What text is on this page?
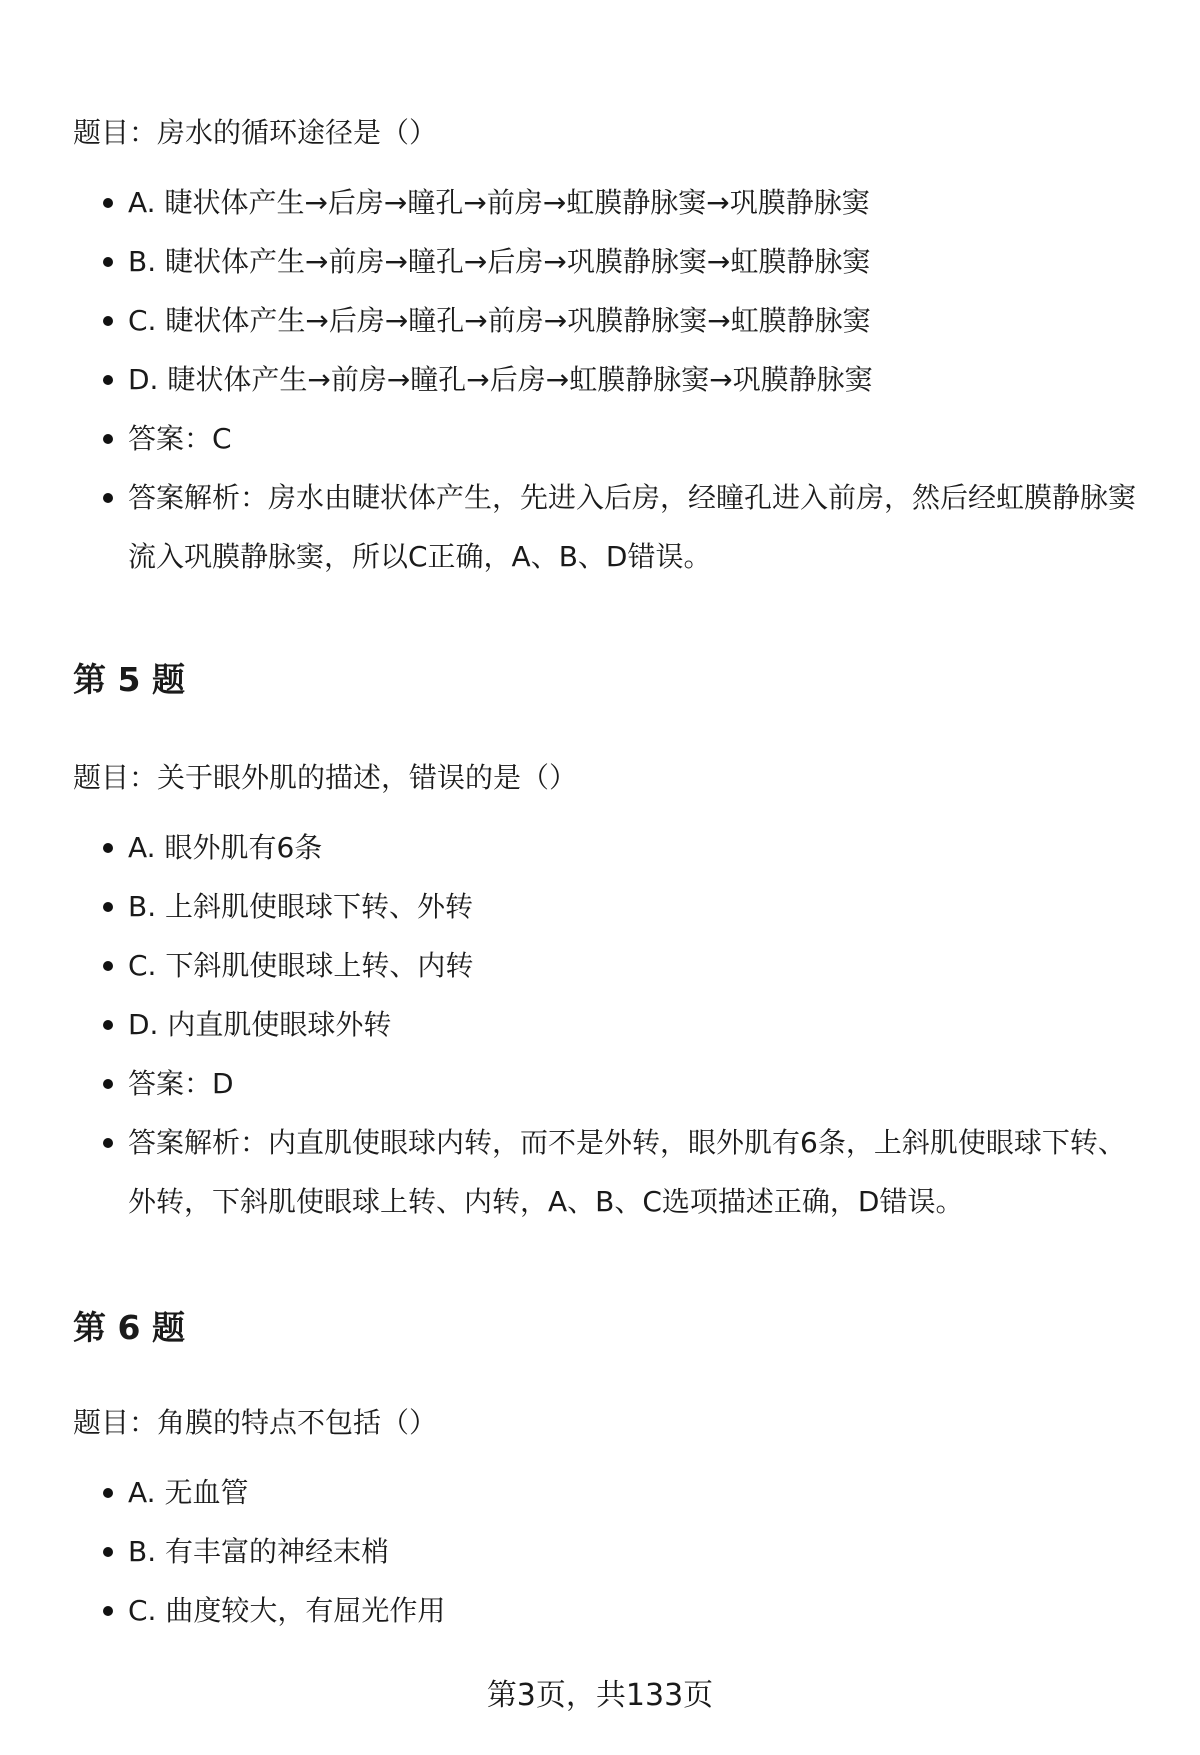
题目：房水的循环途径是（）

A. 睫状体产生→后房→瞳孔→前房→虹膜静脉窦→巩膜静脉窦
B. 睫状体产生→前房→瞳孔→后房→巩膜静脉窦→虹膜静脉窦
C. 睫状体产生→后房→瞳孔→前房→巩膜静脉窦→虹膜静脉窦
D. 睫状体产生→前房→瞳孔→后房→虹膜静脉窦→巩膜静脉窦
答案：C
答案解析：房水由睫状体产生，先进入后房，经瞳孔进入前房，然后经虹膜静脉窦流入巩膜静脉窦，所以C正确，A、B、D错误。
第 5 题

题目：关于眼外肌的描述，错误的是（）

A. 眼外肌有6条
B. 上斜肌使眼球下转、外转
C. 下斜肌使眼球上转、内转
D. 内直肌使眼球外转
答案：D
答案解析：内直肌使眼球内转，而不是外转，眼外肌有6条，上斜肌使眼球下转、外转，下斜肌使眼球上转、内转，A、B、C选项描述正确，D错误。
第 6 题

题目：角膜的特点不包括（）

A. 无血管
B. 有丰富的神经末梢
C. 曲度较大，有屈光作用
第3页，共133页
